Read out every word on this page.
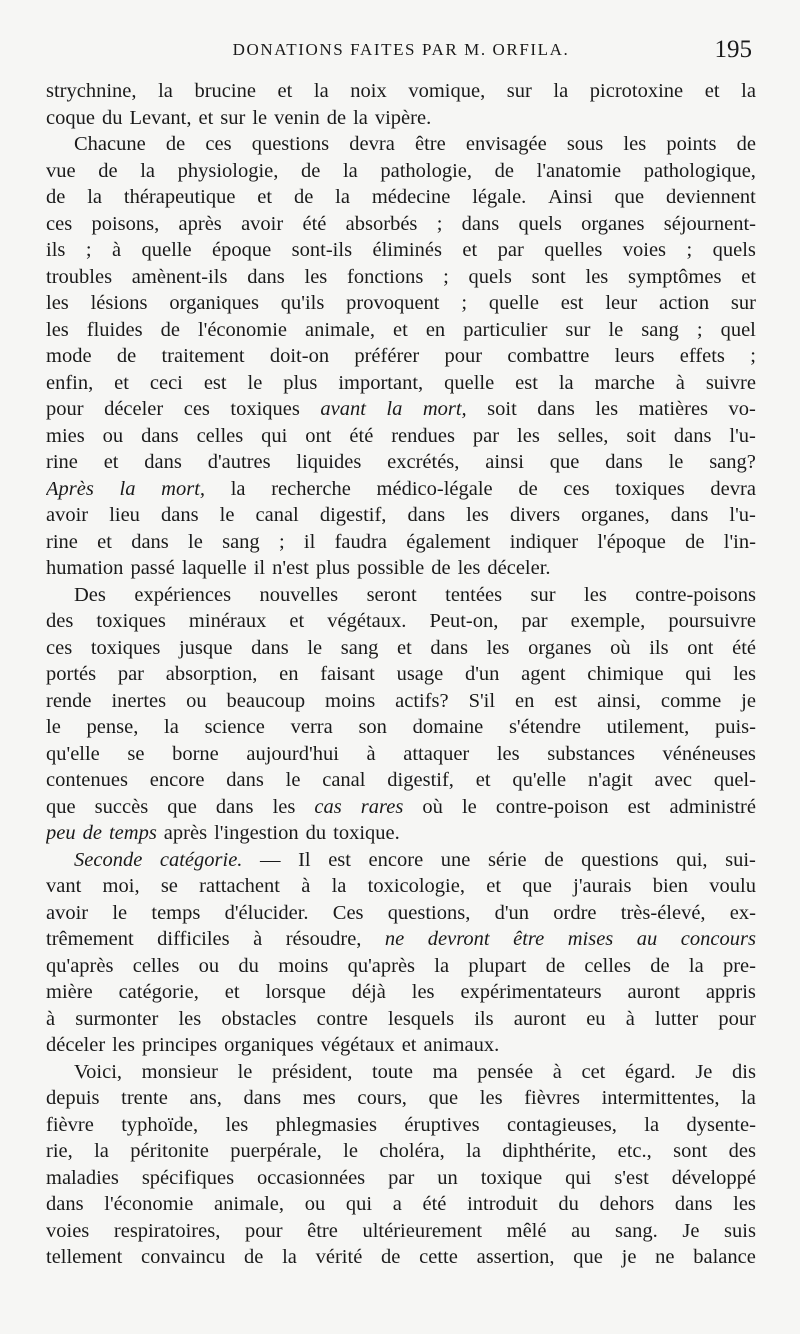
DONATIONS FAITES PAR M. ORFILA.	195
strychnine, la brucine et la noix vomique, sur la picrotoxine et la
coque du Levant, et sur le venin de la vipère.
Chacune de ces questions devra être envisagée sous les points de
vue de la physiologie, de la pathologie, de l'anatomie pathologique,
de la thérapeutique et de la médecine légale. Ainsi que deviennent
ces poisons, après avoir été absorbés ; dans quels organes séjournent-
ils ; à quelle époque sont-ils éliminés et par quelles voies ; quels
troubles amènent-ils dans les fonctions ; quels sont les symptômes et
les lésions organiques qu'ils provoquent ; quelle est leur action sur
les fluides de l'économie animale, et en particulier sur le sang ; quel
mode de traitement doit-on préférer pour combattre leurs effets ;
enfin, et ceci est le plus important, quelle est la marche à suivre
pour déceler ces toxiques avant la mort, soit dans les matières vo-
mies ou dans celles qui ont été rendues par les selles, soit dans l'u-
rine et dans d'autres liquides excrétés, ainsi que dans le sang?
Après la mort, la recherche médico-légale de ces toxiques devra
avoir lieu dans le canal digestif, dans les divers organes, dans l'u-
rine et dans le sang ; il faudra également indiquer l'époque de l'in-
humation passé laquelle il n'est plus possible de les déceler.
Des expériences nouvelles seront tentées sur les contre-poisons
des toxiques minéraux et végétaux. Peut-on, par exemple, poursuivre
ces toxiques jusque dans le sang et dans les organes où ils ont été
portés par absorption, en faisant usage d'un agent chimique qui les
rende inertes ou beaucoup moins actifs? S'il en est ainsi, comme je
le pense, la science verra son domaine s'étendre utilement, puis-
qu'elle se borne aujourd'hui à attaquer les substances vénéneuses
contenues encore dans le canal digestif, et qu'elle n'agit avec quel-
que succès que dans les cas rares où le contre-poison est administré
peu de temps après l'ingestion du toxique.
Seconde catégorie. — Il est encore une série de questions qui, sui-
vant moi, se rattachent à la toxicologie, et que j'aurais bien voulu
avoir le temps d'élucider. Ces questions, d'un ordre très-élevé, ex-
trêmement difficiles à résoudre, ne devront être mises au concours
qu'après celles ou du moins qu'après la plupart de celles de la pre-
mière catégorie, et lorsque déjà les expérimentateurs auront appris
à surmonter les obstacles contre lesquels ils auront eu à lutter pour
déceler les principes organiques végétaux et animaux.
Voici, monsieur le président, toute ma pensée à cet égard. Je dis
depuis trente ans, dans mes cours, que les fièvres intermittentes, la
fièvre typhoïde, les phlegmasies éruptives contagieuses, la dysente-
rie, la péritonite puerpérale, le choléra, la diphthérite, etc., sont des
maladies spécifiques occasionnées par un toxique qui s'est développé
dans l'économie animale, ou qui a été introduit du dehors dans les
voies respiratoires, pour être ultérieurement mêlé au sang. Je suis
tellement convaincu de la vérité de cette assertion, que je ne balance
